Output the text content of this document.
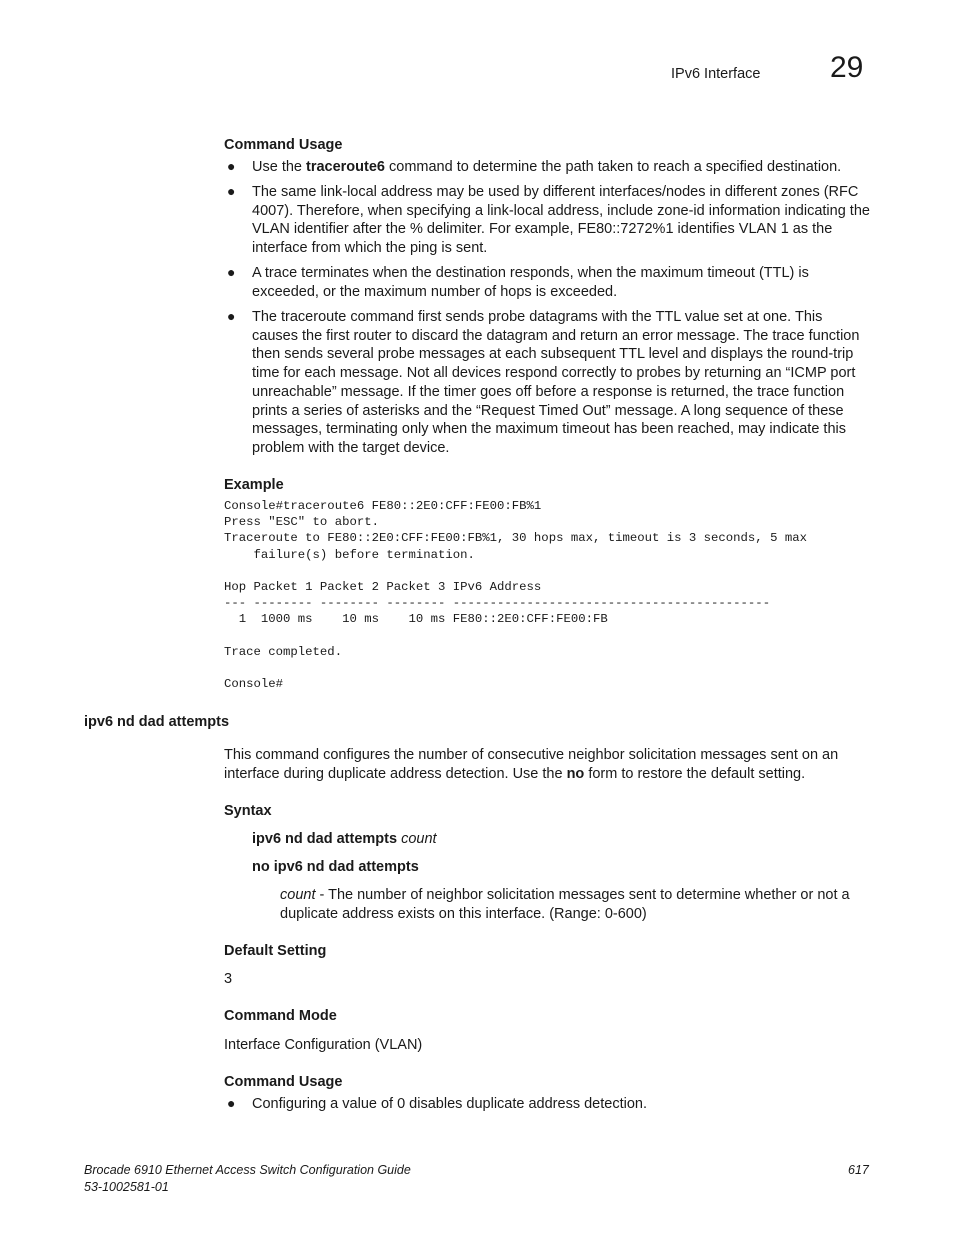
IPv6 Interface 29
Command Usage
● Use the traceroute6 command to determine the path taken to reach a specified destination.
● The same link-local address may be used by different interfaces/nodes in different zones (RFC 4007). Therefore, when specifying a link-local address, include zone-id information indicating the VLAN identifier after the % delimiter. For example, FE80::7272%1 identifies VLAN 1 as the interface from which the ping is sent.
● A trace terminates when the destination responds, when the maximum timeout (TTL) is exceeded, or the maximum number of hops is exceeded.
● The traceroute command first sends probe datagrams with the TTL value set at one. This causes the first router to discard the datagram and return an error message. The trace function then sends several probe messages at each subsequent TTL level and displays the round-trip time for each message. Not all devices respond correctly to probes by returning an “ICMP port unreachable” message. If the timer goes off before a response is returned, the trace function prints a series of asterisks and the “Request Timed Out” message. A long sequence of these messages, terminating only when the maximum timeout has been reached, may indicate this problem with the target device.
Example
Console#traceroute6 FE80::2E0:CFF:FE00:FB%1
Press "ESC" to abort.
Traceroute to FE80::2E0:CFF:FE00:FB%1, 30 hops max, timeout is 3 seconds, 5 max
failure(s) before termination.

Hop Packet 1 Packet 2 Packet 3 IPv6 Address
--- -------- -------- -------- -------------------------------------------
1  1000 ms    10 ms    10 ms FE80::2E0:CFF:FE00:FB

Trace completed.

Console#
ipv6 nd dad attempts
This command configures the number of consecutive neighbor solicitation messages sent on an interface during duplicate address detection. Use the no form to restore the default setting.
Syntax
ipv6 nd dad attempts count
no ipv6 nd dad attempts
count - The number of neighbor solicitation messages sent to determine whether or not a duplicate address exists on this interface. (Range: 0-600)
Default Setting
3
Command Mode
Interface Configuration (VLAN)
Command Usage
● Configuring a value of 0 disables duplicate address detection.
Brocade 6910 Ethernet Access Switch Configuration Guide
53-1002581-01
617
